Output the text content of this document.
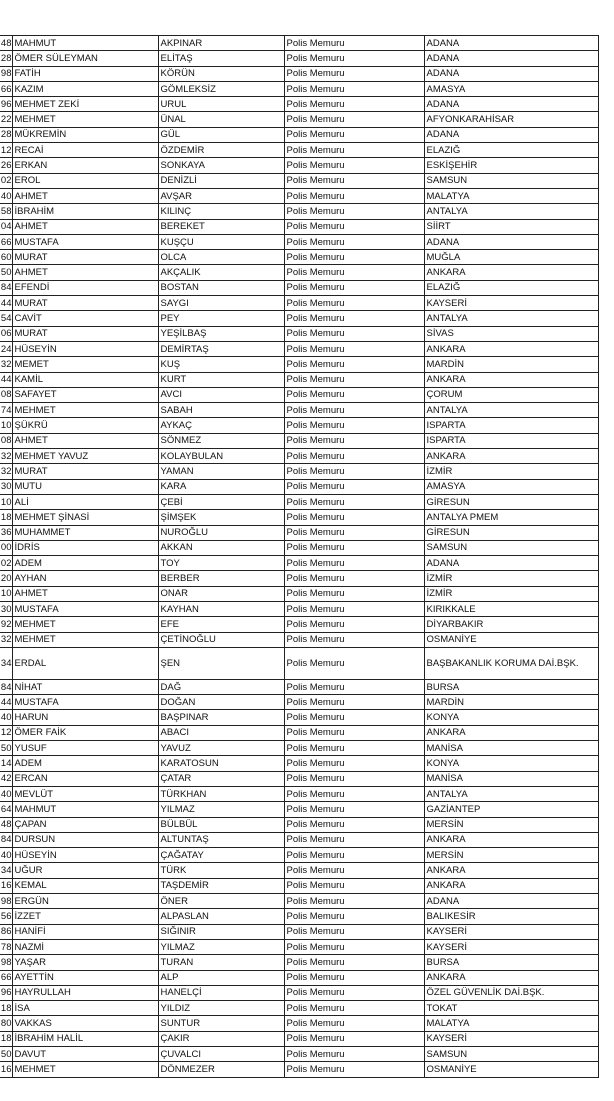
48	MAHMUT	AKPINAR	Polis Memuru	ADANA
28	ÖMER SÜLEYMAN	ELİTAŞ	Polis Memuru	ADANA
98	FATİH	KÖRÜN	Polis Memuru	ADANA
66	KAZIM	GÖMLEKSİZ	Polis Memuru	AMASYA
96	MEHMET ZEKİ	URUL	Polis Memuru	ADANA
22	MEHMET	ÜNAL	Polis Memuru	AFYONKARAHİSAR
28	MÜKREMİN	GÜL	Polis Memuru	ADANA
12	RECAİ	ÖZDEMİR	Polis Memuru	ELAZIĞ
26	ERKAN	SONKAYA	Polis Memuru	ESKİŞEHİR
02	EROL	DENİZLİ	Polis Memuru	SAMSUN
40	AHMET	AVŞAR	Polis Memuru	MALATYA
58	İBRAHİM	KILINÇ	Polis Memuru	ANTALYA
04	AHMET	BEREKET	Polis Memuru	SİİRT
66	MUSTAFA	KUŞÇU	Polis Memuru	ADANA
60	MURAT	OLCA	Polis Memuru	MUĞLA
50	AHMET	AKÇALIK	Polis Memuru	ANKARA
84	EFENDİ	BOSTAN	Polis Memuru	ELAZIĞ
44	MURAT	SAYGI	Polis Memuru	KAYSERİ
54	CAVİT	PEY	Polis Memuru	ANTALYA
06	MURAT	YEŞİLBAŞ	Polis Memuru	SİVAS
24	HÜSEYİN	DEMİRTAŞ	Polis Memuru	ANKARA
32	MEMET	KUŞ	Polis Memuru	MARDİN
44	KAMİL	KURT	Polis Memuru	ANKARA
08	SAFAYET	AVCI	Polis Memuru	ÇORUM
74	MEHMET	SABAH	Polis Memuru	ANTALYA
10	ŞÜKRÜ	AYKAÇ	Polis Memuru	ISPARTA
08	AHMET	SÖNMEZ	Polis Memuru	ISPARTA
32	MEHMET YAVUZ	KOLAYBULAN	Polis Memuru	ANKARA
32	MURAT	YAMAN	Polis Memuru	İZMİR
30	MUTU	KARA	Polis Memuru	AMASYA
10	ALİ	ÇEBİ	Polis Memuru	GİRESUN
18	MEHMET ŞİNASİ	ŞİMŞEK	Polis Memuru	ANTALYA PMEM
36	MUHAMMET	NUROĞLU	Polis Memuru	GİRESUN
00	İDRİS	AKKAN	Polis Memuru	SAMSUN
02	ADEM	TOY	Polis Memuru	ADANA
20	AYHAN	BERBER	Polis Memuru	İZMİR
10	AHMET	ONAR	Polis Memuru	İZMİR
30	MUSTAFA	KAYHAN	Polis Memuru	KIRIKKALE
92	MEHMET	EFE	Polis Memuru	DİYARBAKIR
32	MEHMET	ÇETİNOĞLU	Polis Memuru	OSMANİYE
34	ERDAL	ŞEN	Polis Memuru	BAŞBAKANLIK KORUMA DAİ.BŞK.
84	NİHAT	DAĞ	Polis Memuru	BURSA
44	MUSTAFA	DOĞAN	Polis Memuru	MARDİN
40	HARUN	BAŞPINAR	Polis Memuru	KONYA
12	ÖMER FAİK	ABACI	Polis Memuru	ANKARA
50	YUSUF	YAVUZ	Polis Memuru	MANİSA
14	ADEM	KARATOSUN	Polis Memuru	KONYA
42	ERCAN	ÇATAR	Polis Memuru	MANİSA
40	MEVLÜT	TÜRKHAN	Polis Memuru	ANTALYA
64	MAHMUT	YILMAZ	Polis Memuru	GAZİANTEP
48	ÇAPAN	BÜLBÜL	Polis Memuru	MERSİN
84	DURSUN	ALTUNTAŞ	Polis Memuru	ANKARA
40	HÜSEYİN	ÇAĞATAY	Polis Memuru	MERSİN
34	UĞUR	TÜRK	Polis Memuru	ANKARA
16	KEMAL	TAŞDEMİR	Polis Memuru	ANKARA
98	ERGÜN	ÖNER	Polis Memuru	ADANA
56	İZZET	ALPASLAN	Polis Memuru	BALIKESİR
86	HANİFİ	SIĞINIR	Polis Memuru	KAYSERİ
78	NAZMİ	YILMAZ	Polis Memuru	KAYSERİ
98	YAŞAR	TURAN	Polis Memuru	BURSA
66	AYETTİN	ALP	Polis Memuru	ANKARA
96	HAYRULLAH	HANELÇİ	Polis Memuru	ÖZEL GÜVENLİK DAİ.BŞK.
18	İSA	YILDIZ	Polis Memuru	TOKAT
80	VAKKAS	SUNTUR	Polis Memuru	MALATYA
18	İBRAHİM HALİL	ÇAKIR	Polis Memuru	KAYSERİ
50	DAVUT	ÇUVALCI	Polis Memuru	SAMSUN
16	MEHMET	DÖNMEZER	Polis Memuru	OSMANİYE
